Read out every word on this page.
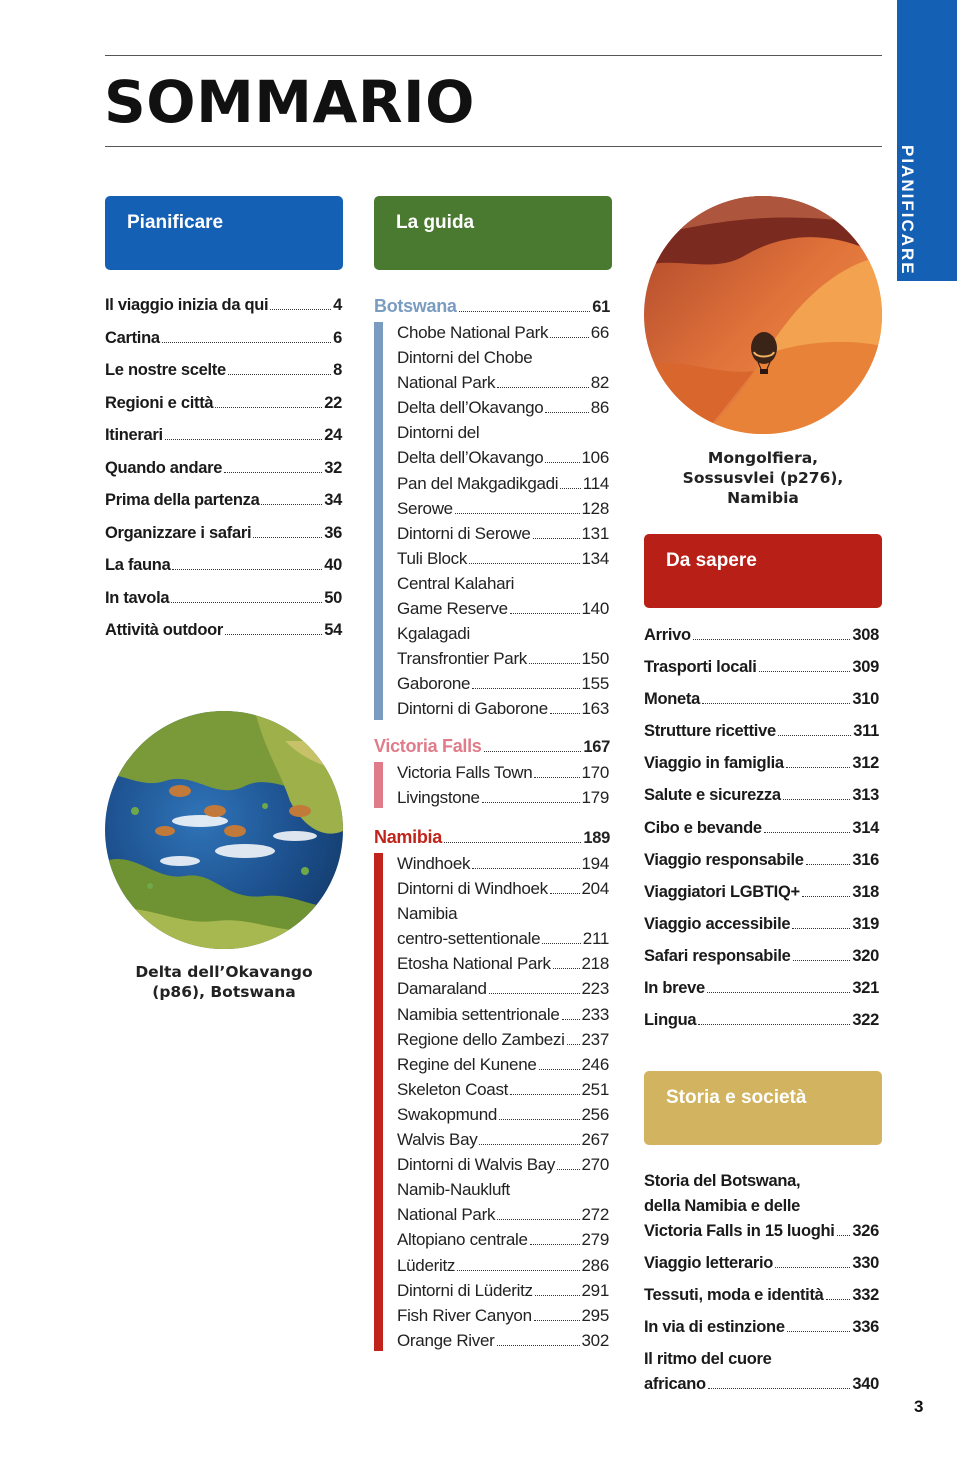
SOMMARIO
PIANIFICARE
Pianificare
Il viaggio inizia da qui	4
Cartina	6
Le nostre scelte	8
Regioni e città	22
Itinerari	24
Quando andare	32
Prima della partenza	34
Organizzare i safari	36
La fauna	40
In tavola	50
Attività outdoor	54
Delta dell’Okavango
(p86), Botswana
La guida
Botswana	61
Chobe National Park	66
Dintorni del Chobe
National Park	82
Delta dell’Okavango	86
Dintorni del
Delta dell’Okavango 106
Pan del Makgadikgadi 114
Serowe	128
Dintorni di Serowe	131
Tuli Block	134
Central Kalahari
Game Reserve	140
Kgalagadi
Transfrontier Park	150
Gaborone	155
Dintorni di Gaborone 163
Victoria Falls	167
Victoria Falls Town	170
Livingstone	179
Namibia	189
Windhoek	194
Dintorni di Windhoek 204
Namibia
centro-settentionale 211
Etosha National Park 218
Damaraland	223
Namibia settentrionale 233
Regione dello Zambezi 237
Regine del Kunene	246
Skeleton Coast	251
Swakopmund	256
Walvis Bay	267
Dintorni di Walvis Bay 270
Namib-Naukluft
National Park	272
Altopiano centrale	279
Lüderitz	286
Dintorni di Lüderitz	291
Fish River Canyon	295
Orange River	302
Mongolfiera,
Sossusvlei (p276),
Namibia
Da sapere
Arrivo	308
Trasporti locali	309
Moneta	310
Strutture ricettive	311
Viaggio in famiglia	312
Salute e sicurezza	313
Cibo e bevande	314
Viaggio responsabile	316
Viaggiatori LGBTIQ+	318
Viaggio accessibile	319
Safari responsabile	320
In breve	321
Lingua	322
Storia e società
Storia del Botswana,
della Namibia e delle
Victoria Falls in 15 luoghi 326
Viaggio letterario	330
Tessuti, moda e identità 332
In via di estinzione	336
Il ritmo del cuore
africano	340
3
